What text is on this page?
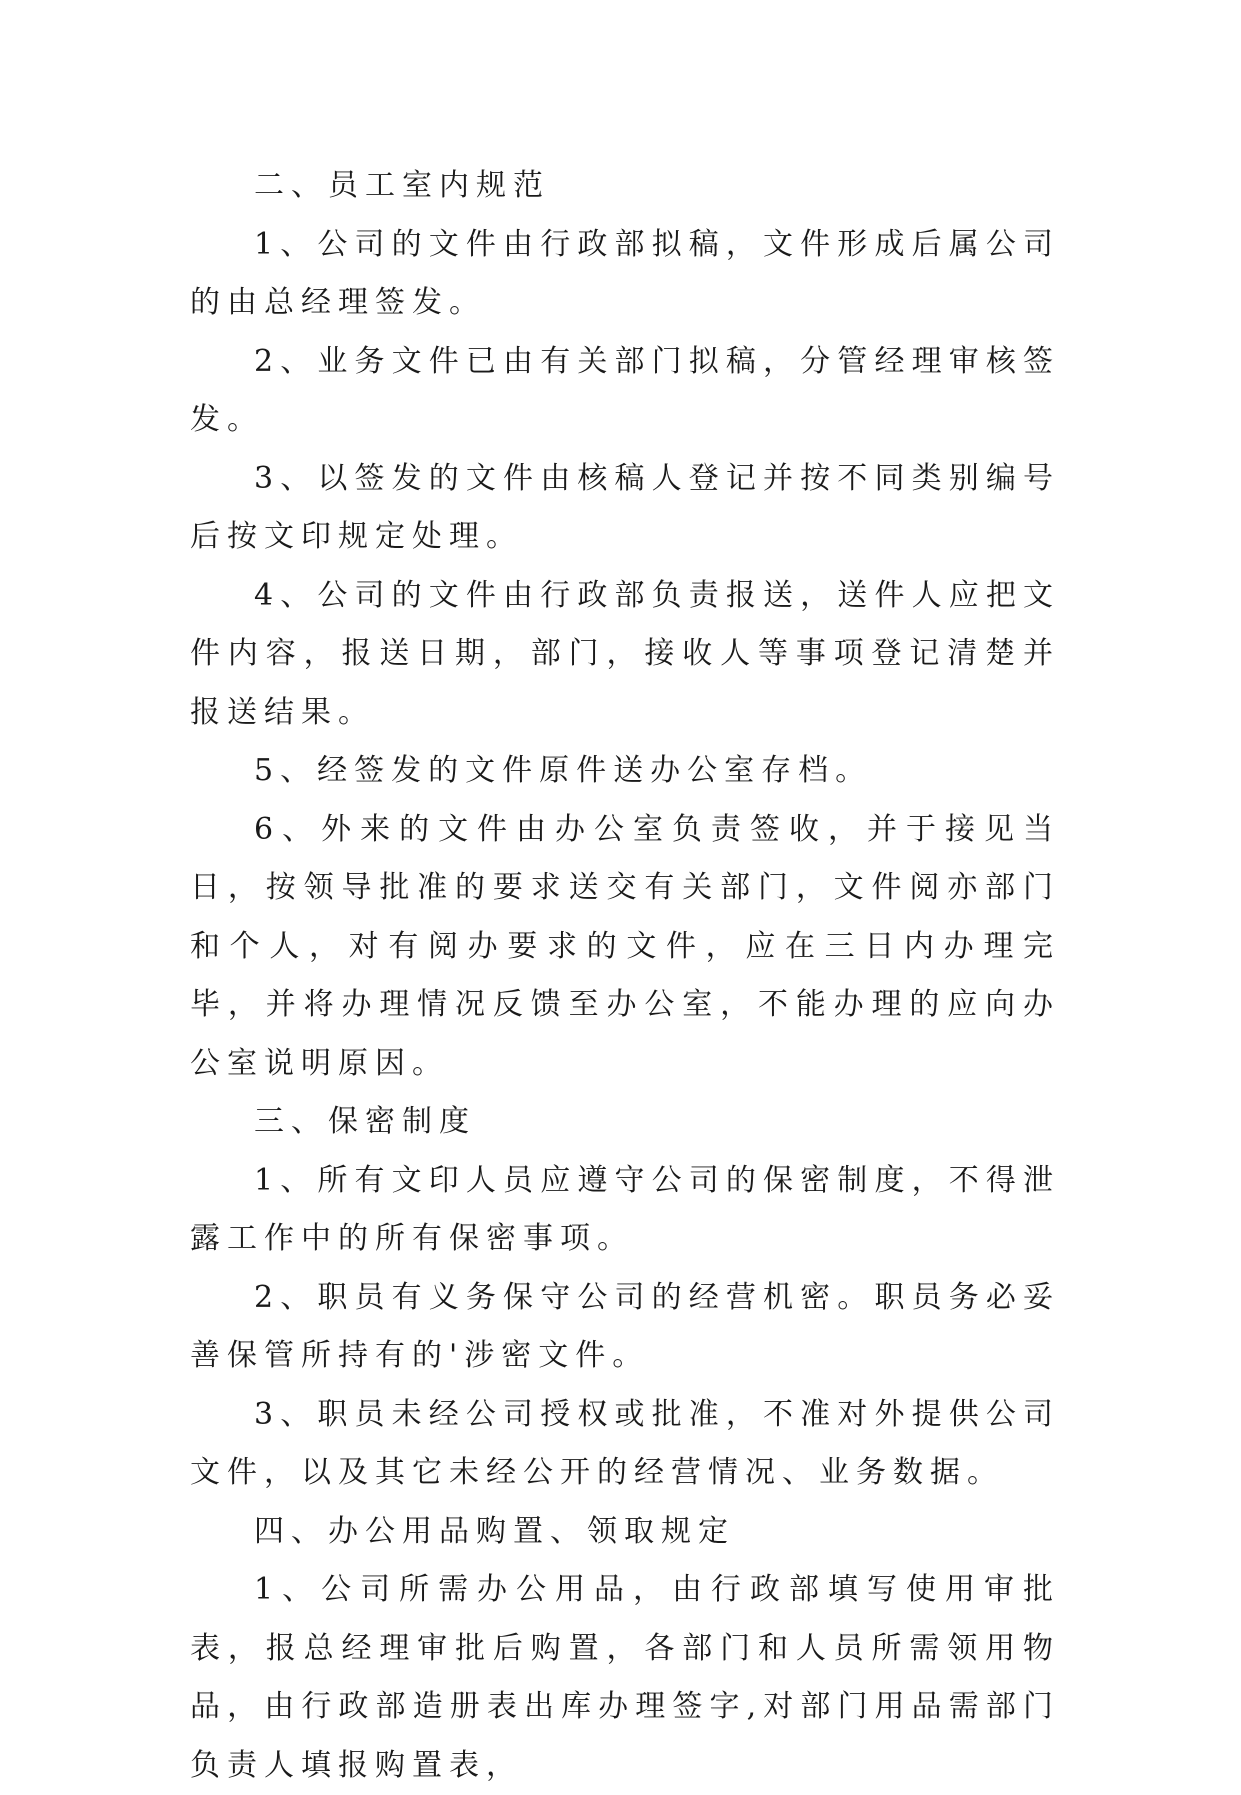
二、员工室内规范

1、公司的文件由行政部拟稿，文件形成后属公司的由总经理签发。

2、业务文件已由有关部门拟稿，分管经理审核签发。

3、以签发的文件由核稿人登记并按不同类别编号后按文印规定处理。

4、公司的文件由行政部负责报送，送件人应把文件内容，报送日期，部门，接收人等事项登记清楚并报送结果。

5、经签发的文件原件送办公室存档。

6、外来的文件由办公室负责签收，并于接见当日，按领导批准的要求送交有关部门，文件阅亦部门和个人，对有阅办要求的文件，应在三日内办理完毕，并将办理情况反馈至办公室，不能办理的应向办公室说明原因。

三、保密制度

1、所有文印人员应遵守公司的保密制度，不得泄露工作中的所有保密事项。

2、职员有义务保守公司的经营机密。职员务必妥善保管所持有的'涉密文件。

3、职员未经公司授权或批准，不准对外提供公司文件，以及其它未经公开的经营情况、业务数据。

四、办公用品购置、领取规定

1、公司所需办公用品，由行政部填写使用审批表，报总经理审批后购置，各部门和人员所需领用物品，由行政部造册表出库办理签字,对部门用品需部门负责人填报购置表，
